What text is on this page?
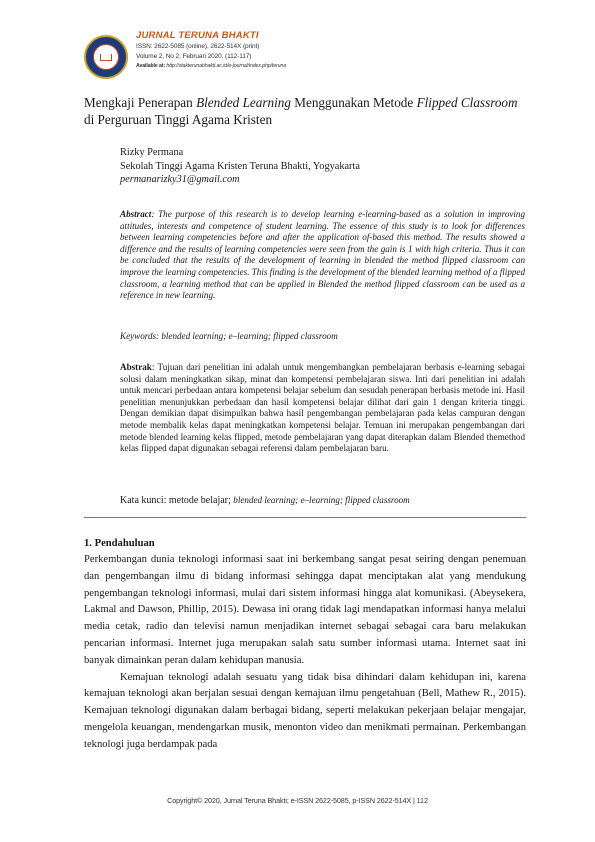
JURNAL TERUNA BHAKTI
ISSN: 2622-5085 (online), 2622-514X (print)
Volume 2, No 2, Februari 2020, (112-117)
Available at: http://stakterunabhakti.ac.id/e-journal/index.php/teruna
Mengkaji Penerapan Blended Learning Menggunakan Metode Flipped Classroom di Perguruan Tinggi Agama Kristen
Rizky Permana
Sekolah Tinggi Agama Kristen Teruna Bhakti, Yogyakarta
permanarizky31@gmail.com
Abstract: The purpose of this research is to develop learning e-learning-based as a solution in improving attitudes, interests and competence of student learning. The essence of this study is to look for differences between learning competencies before and after the application of-based this method. The results showed a difference and the results of learning competencies were seen from the gain is 1 with high criteria. Thus it can be concluded that the results of the development of learning in blended the method flipped classroom can improve the learning competencies. This finding is the development of the blended learning method of a flipped classroom, a learning method that can be applied in Blended the method flipped classroom can be used as a reference in new learning.
Keywords: blended learning; e–learning; flipped classroom
Abstrak: Tujuan dari penelitian ini adalah untuk mengembangkan pembelajaran berbasis e-learning sebagai solusi dalam meningkatkan sikap, minat dan kompetensi pembelajaran siswa. Inti dari penelitian ini adalah untuk mencari perbedaan antara kompetensi belajar sebelum dan sesudah penerapan berbasis metode ini. Hasil penelitian menunjukkan perbedaan dan hasil kompetensi belajar dilihat dari gain 1 dengan kriteria tinggi. Dengan demikian dapat disimpulkan bahwa hasil pengembangan pembelajaran pada kelas campuran dengan metode membalik kelas dapat meningkatkan kompetensi belajar. Temuan ini merupakan pengembangan dari metode blended learning kelas flipped, metode pembelajaran yang dapat diterapkan dalam Blended themethod kelas flipped dapat digunakan sebagai referensi dalam pembelajaran baru.
Kata kunci: metode belajar; blended learning; e–learning; flipped classroom
1. Pendahuluan

Perkembangan dunia teknologi informasi saat ini berkembang sangat pesat seiring dengan penemuan dan pengembangan ilmu di bidang informasi sehingga dapat menciptakan alat yang mendukung pengembangan teknologi informasi, mulai dari sistem informasi hingga alat komunikasi. (Abeysekera, Lakmal and Dawson, Phillip, 2015). Dewasa ini orang tidak lagi mendapatkan informasi hanya melalui media cetak, radio dan televisi namun menjadikan internet sebagai sebagai cara baru melakukan pencarian informasi. Internet juga merupakan salah satu sumber informasi utama. Internet saat ini banyak dimainkan peran dalam kehidupan manusia.

Kemajuan teknologi adalah sesuatu yang tidak bisa dihindari dalam kehidupan ini, karena kemajuan teknologi akan berjalan sesuai dengan kemajuan ilmu pengetahuan (Bell, Mathew R., 2015). Kemajuan teknologi digunakan dalam berbagai bidang, seperti melakukan pekerjaan belajar mengajar, mengelola keuangan, mendengarkan musik, menonton video dan menikmati permainan. Perkembangan teknologi juga berdampak pada

Copyright© 2020, Jurnal Teruna Bhakti; e-ISSN 2622-5085, p-ISSN 2622-514X | 112
